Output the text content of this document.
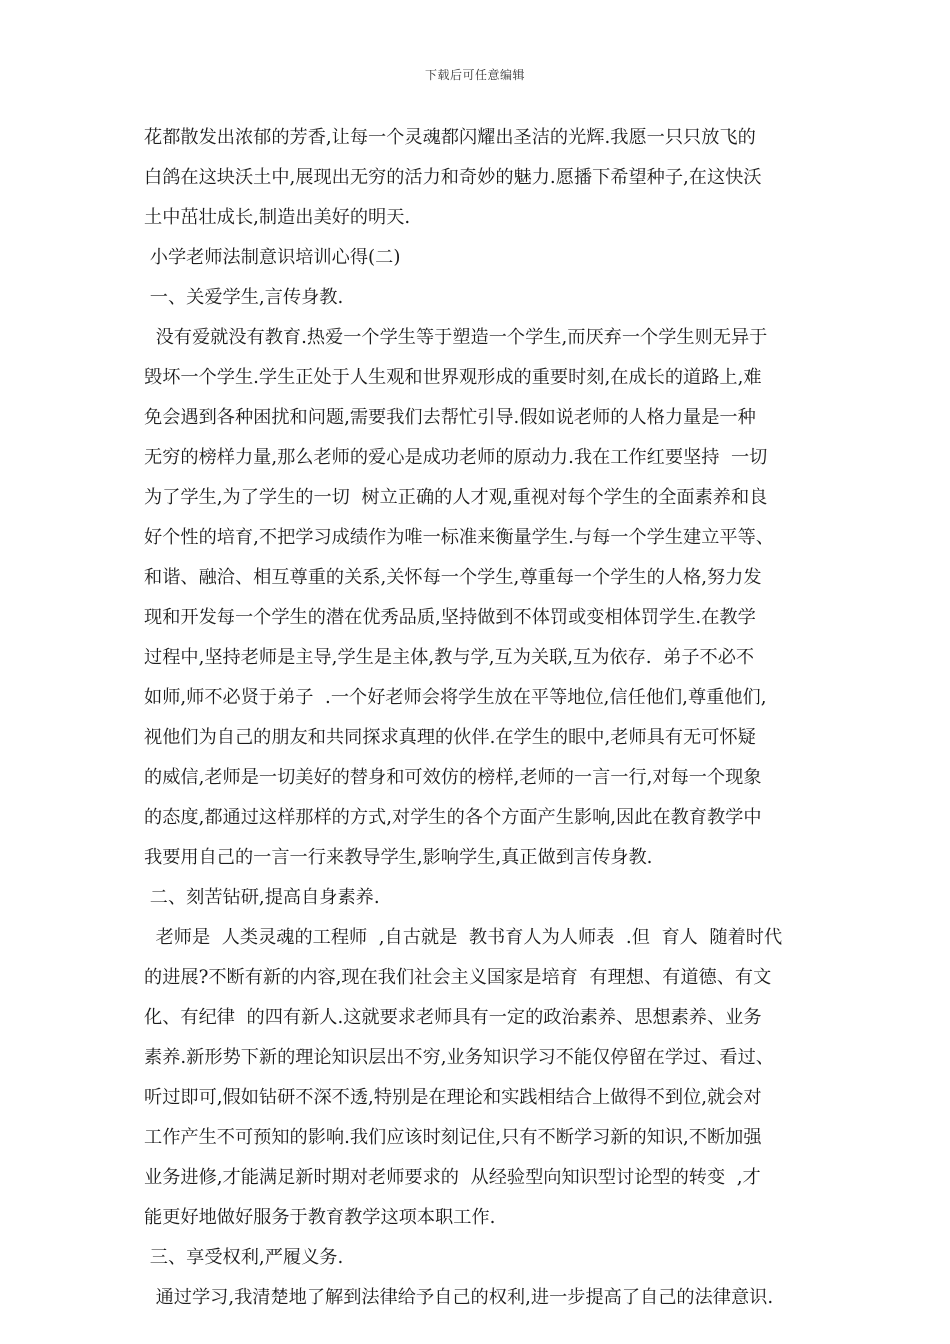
下载后可任意编辑
花都散发出浓郁的芳香,让每一个灵魂都闪耀出圣洁的光辉.我愿一只只放飞的
白鸽在这块沃土中,展现出无穷的活力和奇妙的魅力.愿播下希望种子,在这快沃
土中茁壮成长,制造出美好的明天.
小学老师法制意识培训心得(二)
一、关爱学生,言传身教.
没有爱就没有教育.热爱一个学生等于塑造一个学生,而厌弃一个学生则无异于
毁坏一个学生.学生正处于人生观和世界观形成的重要时刻,在成长的道路上,难
免会遇到各种困扰和问题,需要我们去帮忙引导.假如说老师的人格力量是一种
无穷的榜样力量,那么老师的爱心是成功老师的原动力.我在工作红要坚持  一切
为了学生,为了学生的一切  树立正确的人才观,重视对每个学生的全面素养和良
好个性的培育,不把学习成绩作为唯一标准来衡量学生.与每一个学生建立平等、
和谐、融洽、相互尊重的关系,关怀每一个学生,尊重每一个学生的人格,努力发
现和开发每一个学生的潜在优秀品质,坚持做到不体罚或变相体罚学生.在教学
过程中,坚持老师是主导,学生是主体,教与学,互为关联,互为依存.  弟子不必不
如师,师不必贤于弟子  .一个好老师会将学生放在平等地位,信任他们,尊重他们,
视他们为自己的朋友和共同探求真理的伙伴.在学生的眼中,老师具有无可怀疑
的威信,老师是一切美好的替身和可效仿的榜样,老师的一言一行,对每一个现象
的态度,都通过这样那样的方式,对学生的各个方面产生影响,因此在教育教学中
我要用自己的一言一行来教导学生,影响学生,真正做到言传身教.
二、刻苦钻研,提高自身素养.
老师是  人类灵魂的工程师  ,自古就是  教书育人为人师表  .但  育人  随着时代
的进展?不断有新的内容,现在我们社会主义国家是培育  有理想、有道德、有文
化、有纪律  的四有新人.这就要求老师具有一定的政治素养、思想素养、业务
素养.新形势下新的理论知识层出不穷,业务知识学习不能仅停留在学过、看过、
听过即可,假如钻研不深不透,特别是在理论和实践相结合上做得不到位,就会对
工作产生不可预知的影响.我们应该时刻记住,只有不断学习新的知识,不断加强
业务进修,才能满足新时期对老师要求的  从经验型向知识型讨论型的转变  ,才
能更好地做好服务于教育教学这项本职工作.
三、享受权利,严履义务.
通过学习,我清楚地了解到法律给予自己的权利,进一步提高了自己的法律意识.
